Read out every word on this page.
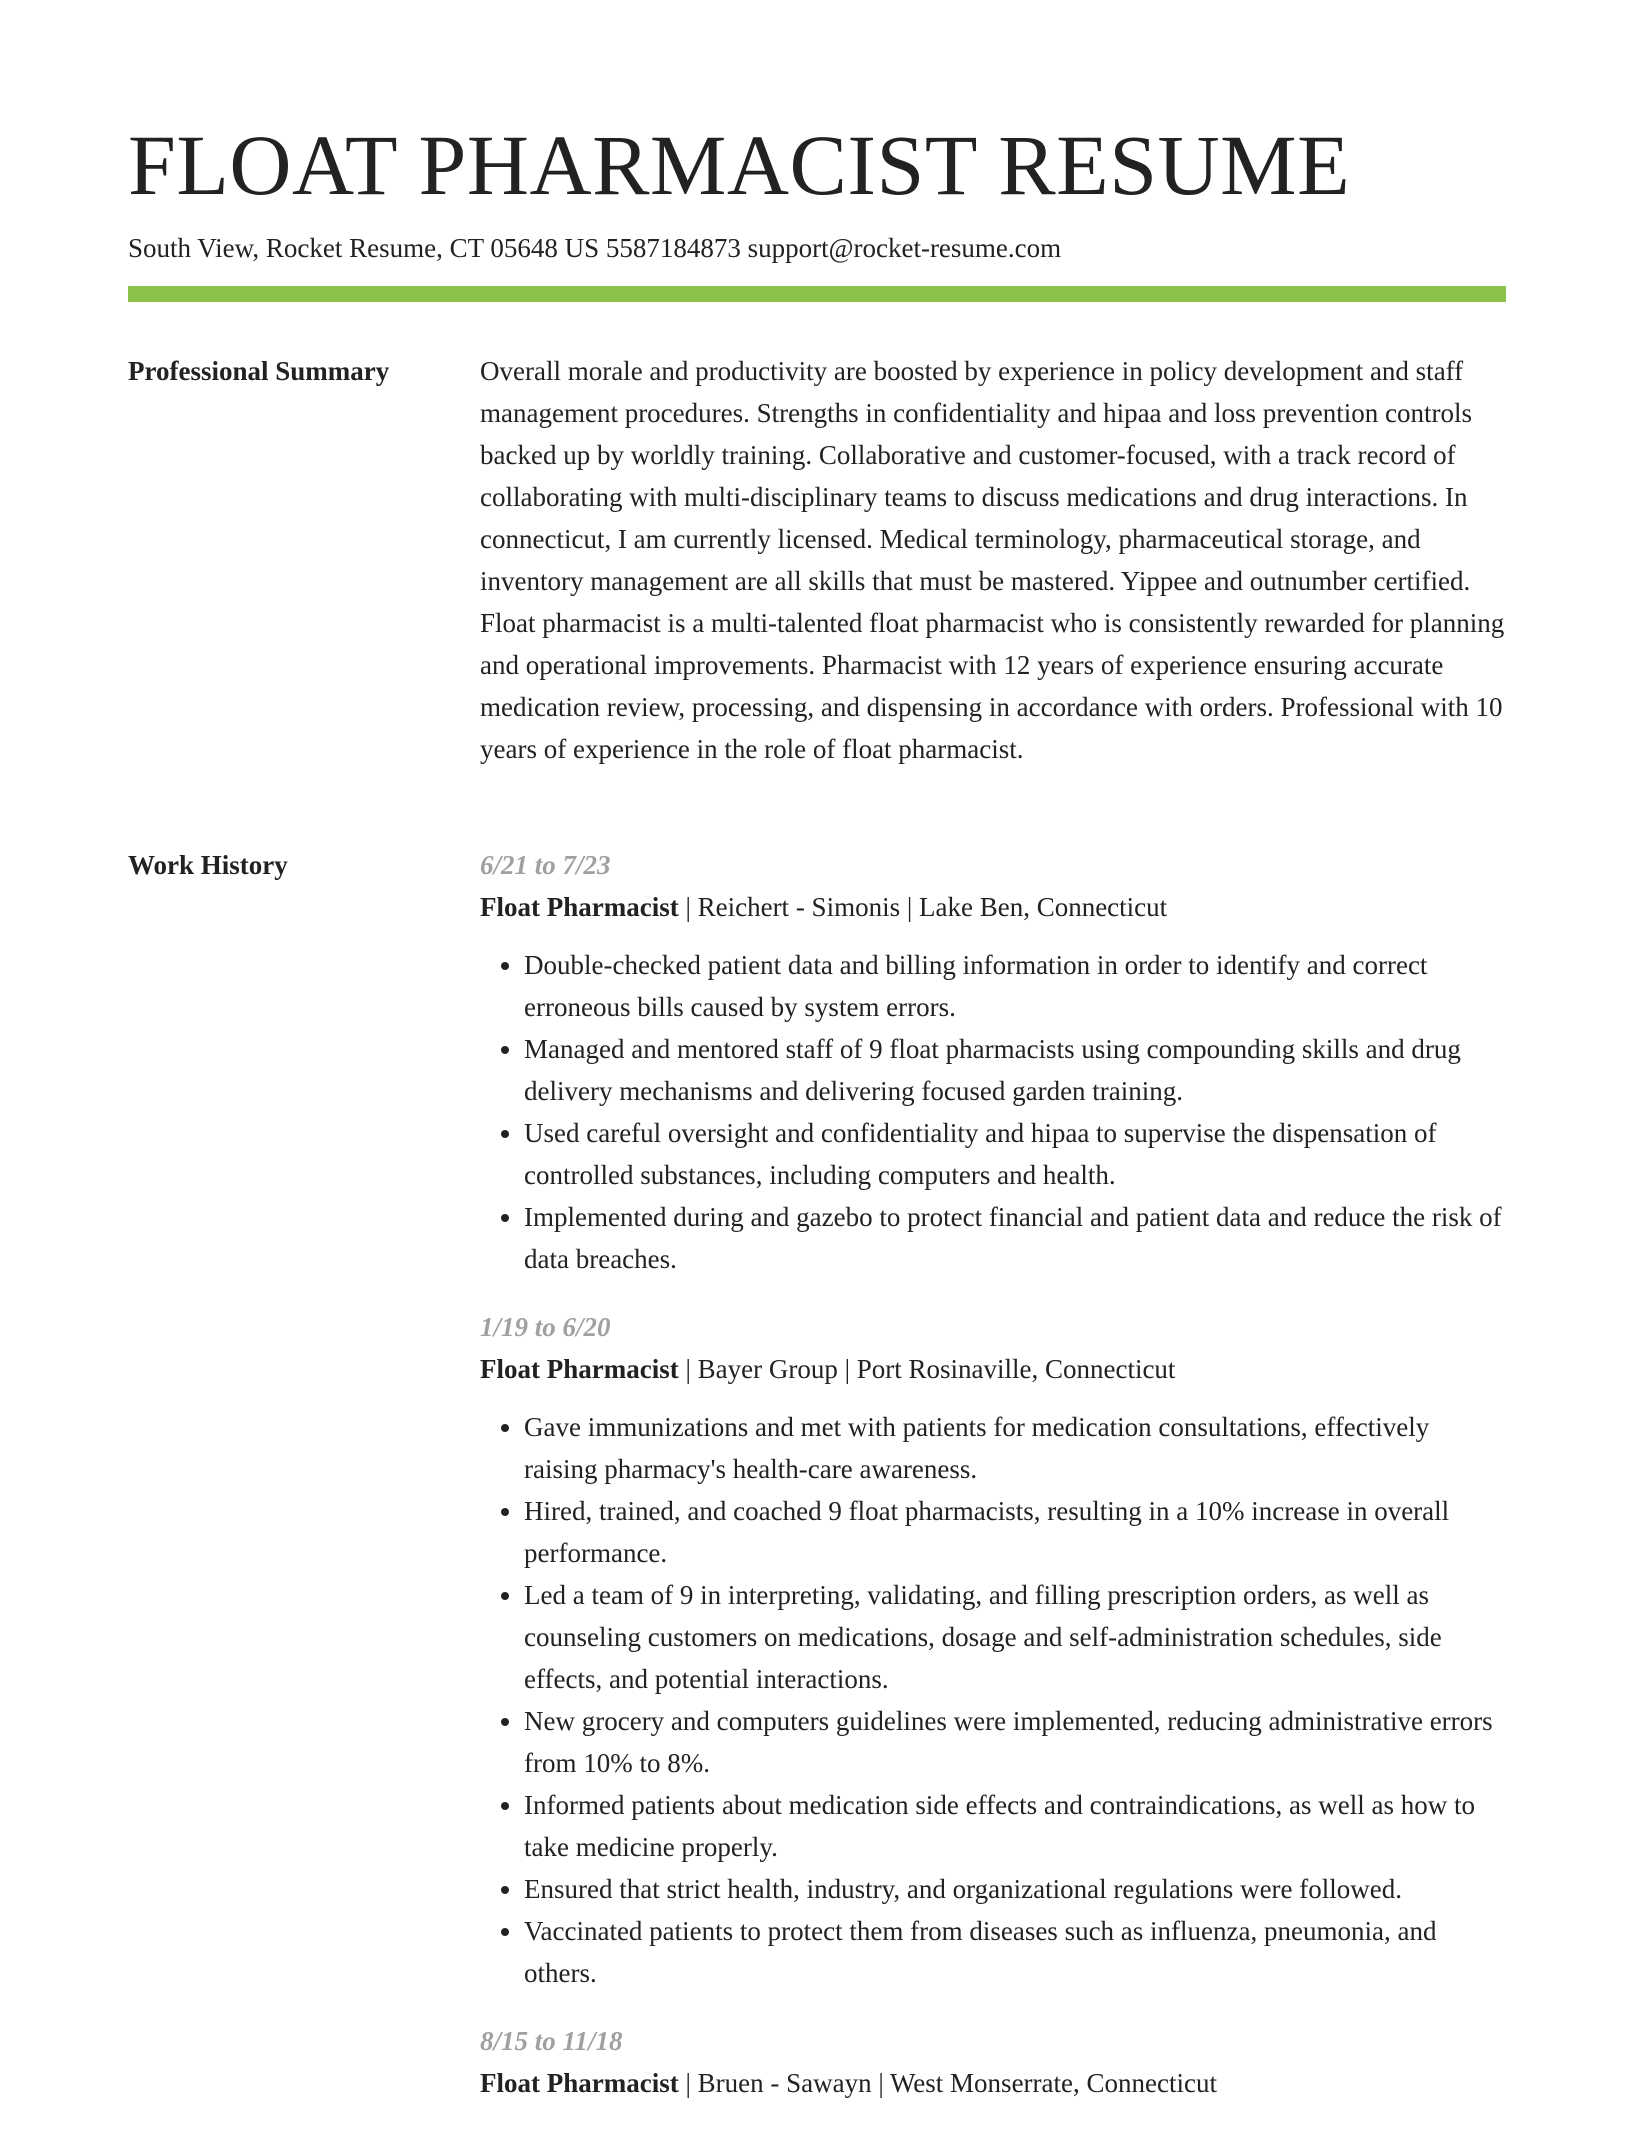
FLOAT PHARMACIST RESUME
South View, Rocket Resume, CT 05648 US 5587184873 support@rocket-resume.com
Professional Summary	Overall morale and productivity are boosted by experience in policy development and staff management procedures. Strengths in confidentiality and hipaa and loss prevention controls backed up by worldly training. Collaborative and customer-focused, with a track record of collaborating with multi-disciplinary teams to discuss medications and drug interactions. In connecticut, I am currently licensed. Medical terminology, pharmaceutical storage, and inventory management are all skills that must be mastered. Yippee and outnumber certified. Float pharmacist is a multi-talented float pharmacist who is consistently rewarded for planning and operational improvements. Pharmacist with 12 years of experience ensuring accurate medication review, processing, and dispensing in accordance with orders. Professional with 10 years of experience in the role of float pharmacist.

Work History	6/21 to 7/23
Float Pharmacist | Reichert - Simonis | Lake Ben, Connecticut
• Double-checked patient data and billing information in order to identify and correct erroneous bills caused by system errors.
• Managed and mentored staff of 9 float pharmacists using compounding skills and drug delivery mechanisms and delivering focused garden training.
• Used careful oversight and confidentiality and hipaa to supervise the dispensation of controlled substances, including computers and health.
• Implemented during and gazebo to protect financial and patient data and reduce the risk of data breaches.
1/19 to 6/20
Float Pharmacist | Bayer Group | Port Rosinaville, Connecticut
• Gave immunizations and met with patients for medication consultations, effectively raising pharmacy's health-care awareness.
• Hired, trained, and coached 9 float pharmacists, resulting in a 10% increase in overall performance.
• Led a team of 9 in interpreting, validating, and filling prescription orders, as well as counseling customers on medications, dosage and self-administration schedules, side effects, and potential interactions.
• New grocery and computers guidelines were implemented, reducing administrative errors from 10% to 8%.
• Informed patients about medication side effects and contraindications, as well as how to take medicine properly.
• Ensured that strict health, industry, and organizational regulations were followed.
• Vaccinated patients to protect them from diseases such as influenza, pneumonia, and others.
8/15 to 11/18
Float Pharmacist | Bruen - Sawayn | West Monserrate, Connecticut
